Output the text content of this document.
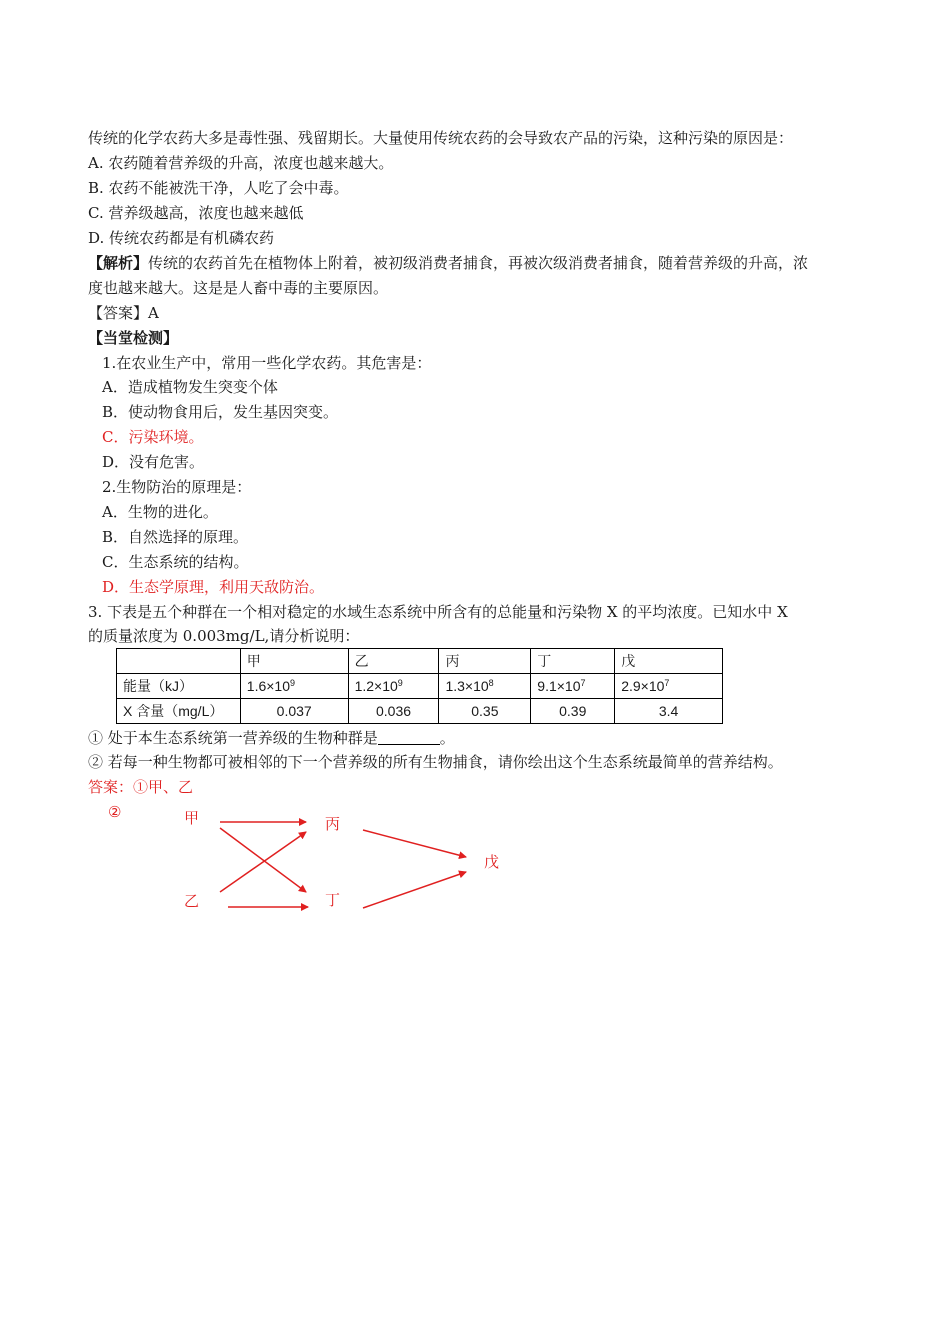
传统的化学农药大多是毒性强、残留期长。大量使用传统农药的会导致农产品的污染，这种污染的原因是：
A. 农药随着营养级的升高，浓度也越来越大。
B. 农药不能被洗干净，人吃了会中毒。
C. 营养级越高，浓度也越来越低
D. 传统农药都是有机磷农药
【解析】传统的农药首先在植物体上附着，被初级消费者捕食，再被次级消费者捕食，随着营养级的升高，浓
度也越来越大。这是是人畜中毒的主要原因。
【答案】A
【当堂检测】
1.在农业生产中，常用一些化学农药。其危害是：
A．造成植物发生突变个体
B．使动物食用后，发生基因突变。
C．污染环境。
D．没有危害。
2.生物防治的原理是：
A．生物的进化。
B．自然选择的原理。
C．生态系统的结构。
D．生态学原理，利用天敌防治。
3. 下表是五个种群在一个相对稳定的水域生态系统中所含有的总能量和污染物 X 的平均浓度。已知水中 X
的质量浓度为 0.003mg/L,请分析说明：
	甲	乙	丙	丁	戊
能量（kJ）	$1.6\times 10^9$	$1.2\times 10^9$	$1.3\times 10^8$	$9.1\times 10^7$	$2.9\times 10^7$
X 含量（mg/L）	0.037	0.036	0.35	0.39	3.4
① 处于本生态系统第一营养级的生物种群是	。
② 若每一种生物都可被相邻的下一个营养级的所有生物捕食，请你绘出这个生态系统最简单的营养结构。
答案：①甲、乙
②	甲
乙
丙
丁
戊
